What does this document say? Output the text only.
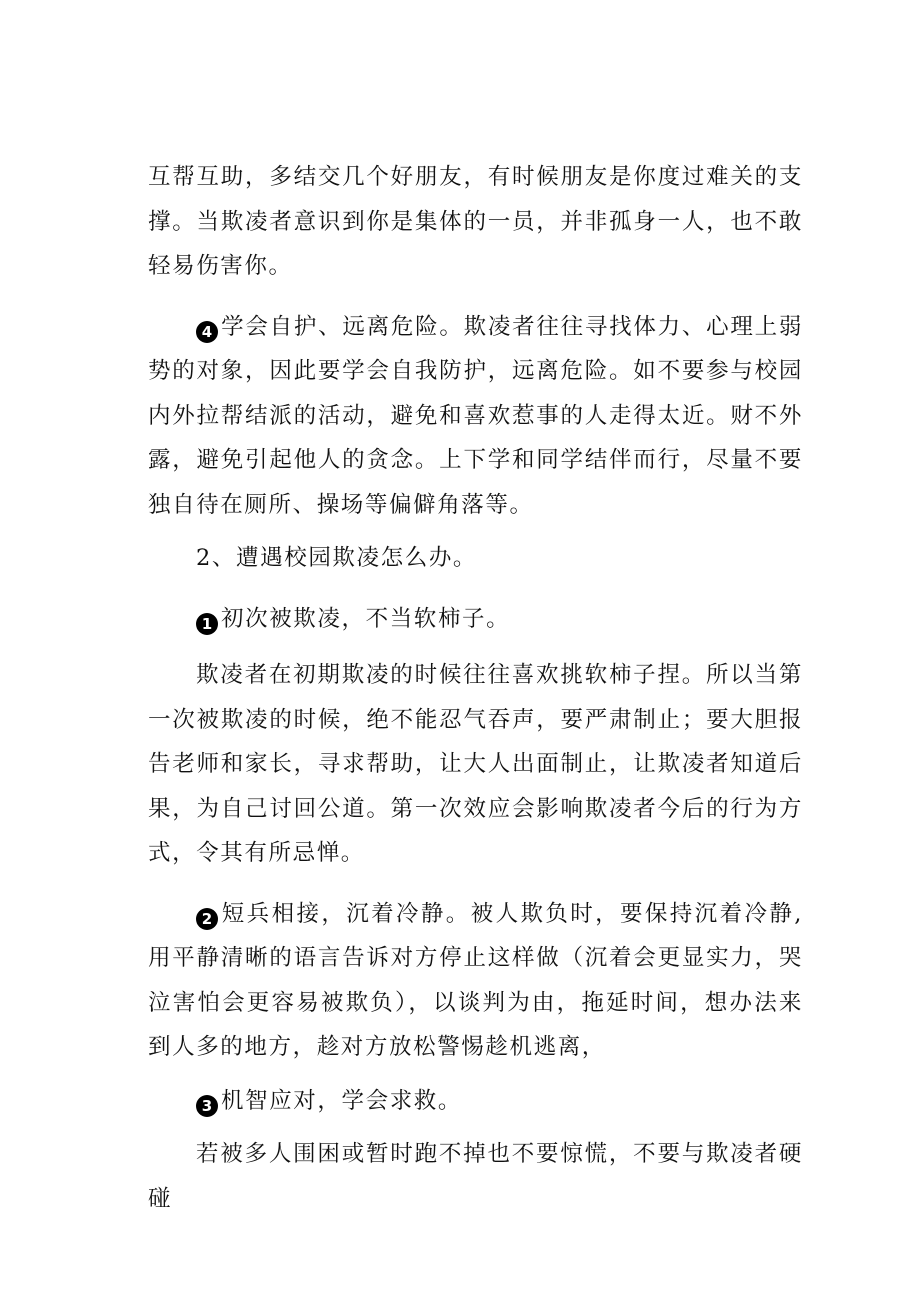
互帮互助，多结交几个好朋友，有时候朋友是你度过难关的支撑。当欺凌者意识到你是集体的一员，并非孤身一人，也不敢轻易伤害你。

4 学会自护、远离危险。欺凌者往往寻找体力、心理上弱势的对象，因此要学会自我防护，远离危险。如不要参与校园内外拉帮结派的活动，避免和喜欢惹事的人走得太近。财不外露，避免引起他人的贪念。上下学和同学结伴而行，尽量不要独自待在厕所、操场等偏僻角落等。

2、遭遇校园欺凌怎么办。

1 初次被欺凌，不当软柿子。

欺凌者在初期欺凌的时候往往喜欢挑软柿子捏。所以当第一次被欺凌的时候，绝不能忍气吞声，要严肃制止；要大胆报告老师和家长，寻求帮助，让大人出面制止，让欺凌者知道后果，为自己讨回公道。第一次效应会影响欺凌者今后的行为方式，令其有所忌惮。

2 短兵相接，沉着冷静。被人欺负时，要保持沉着冷静,用平静清晰的语言告诉对方停止这样做（沉着会更显实力，哭泣害怕会更容易被欺负），以谈判为由，拖延时间，想办法来到人多的地方，趁对方放松警惕趁机逃离，

3 机智应对，学会求救。

若被多人围困或暂时跑不掉也不要惊慌，不要与欺凌者硬碰
